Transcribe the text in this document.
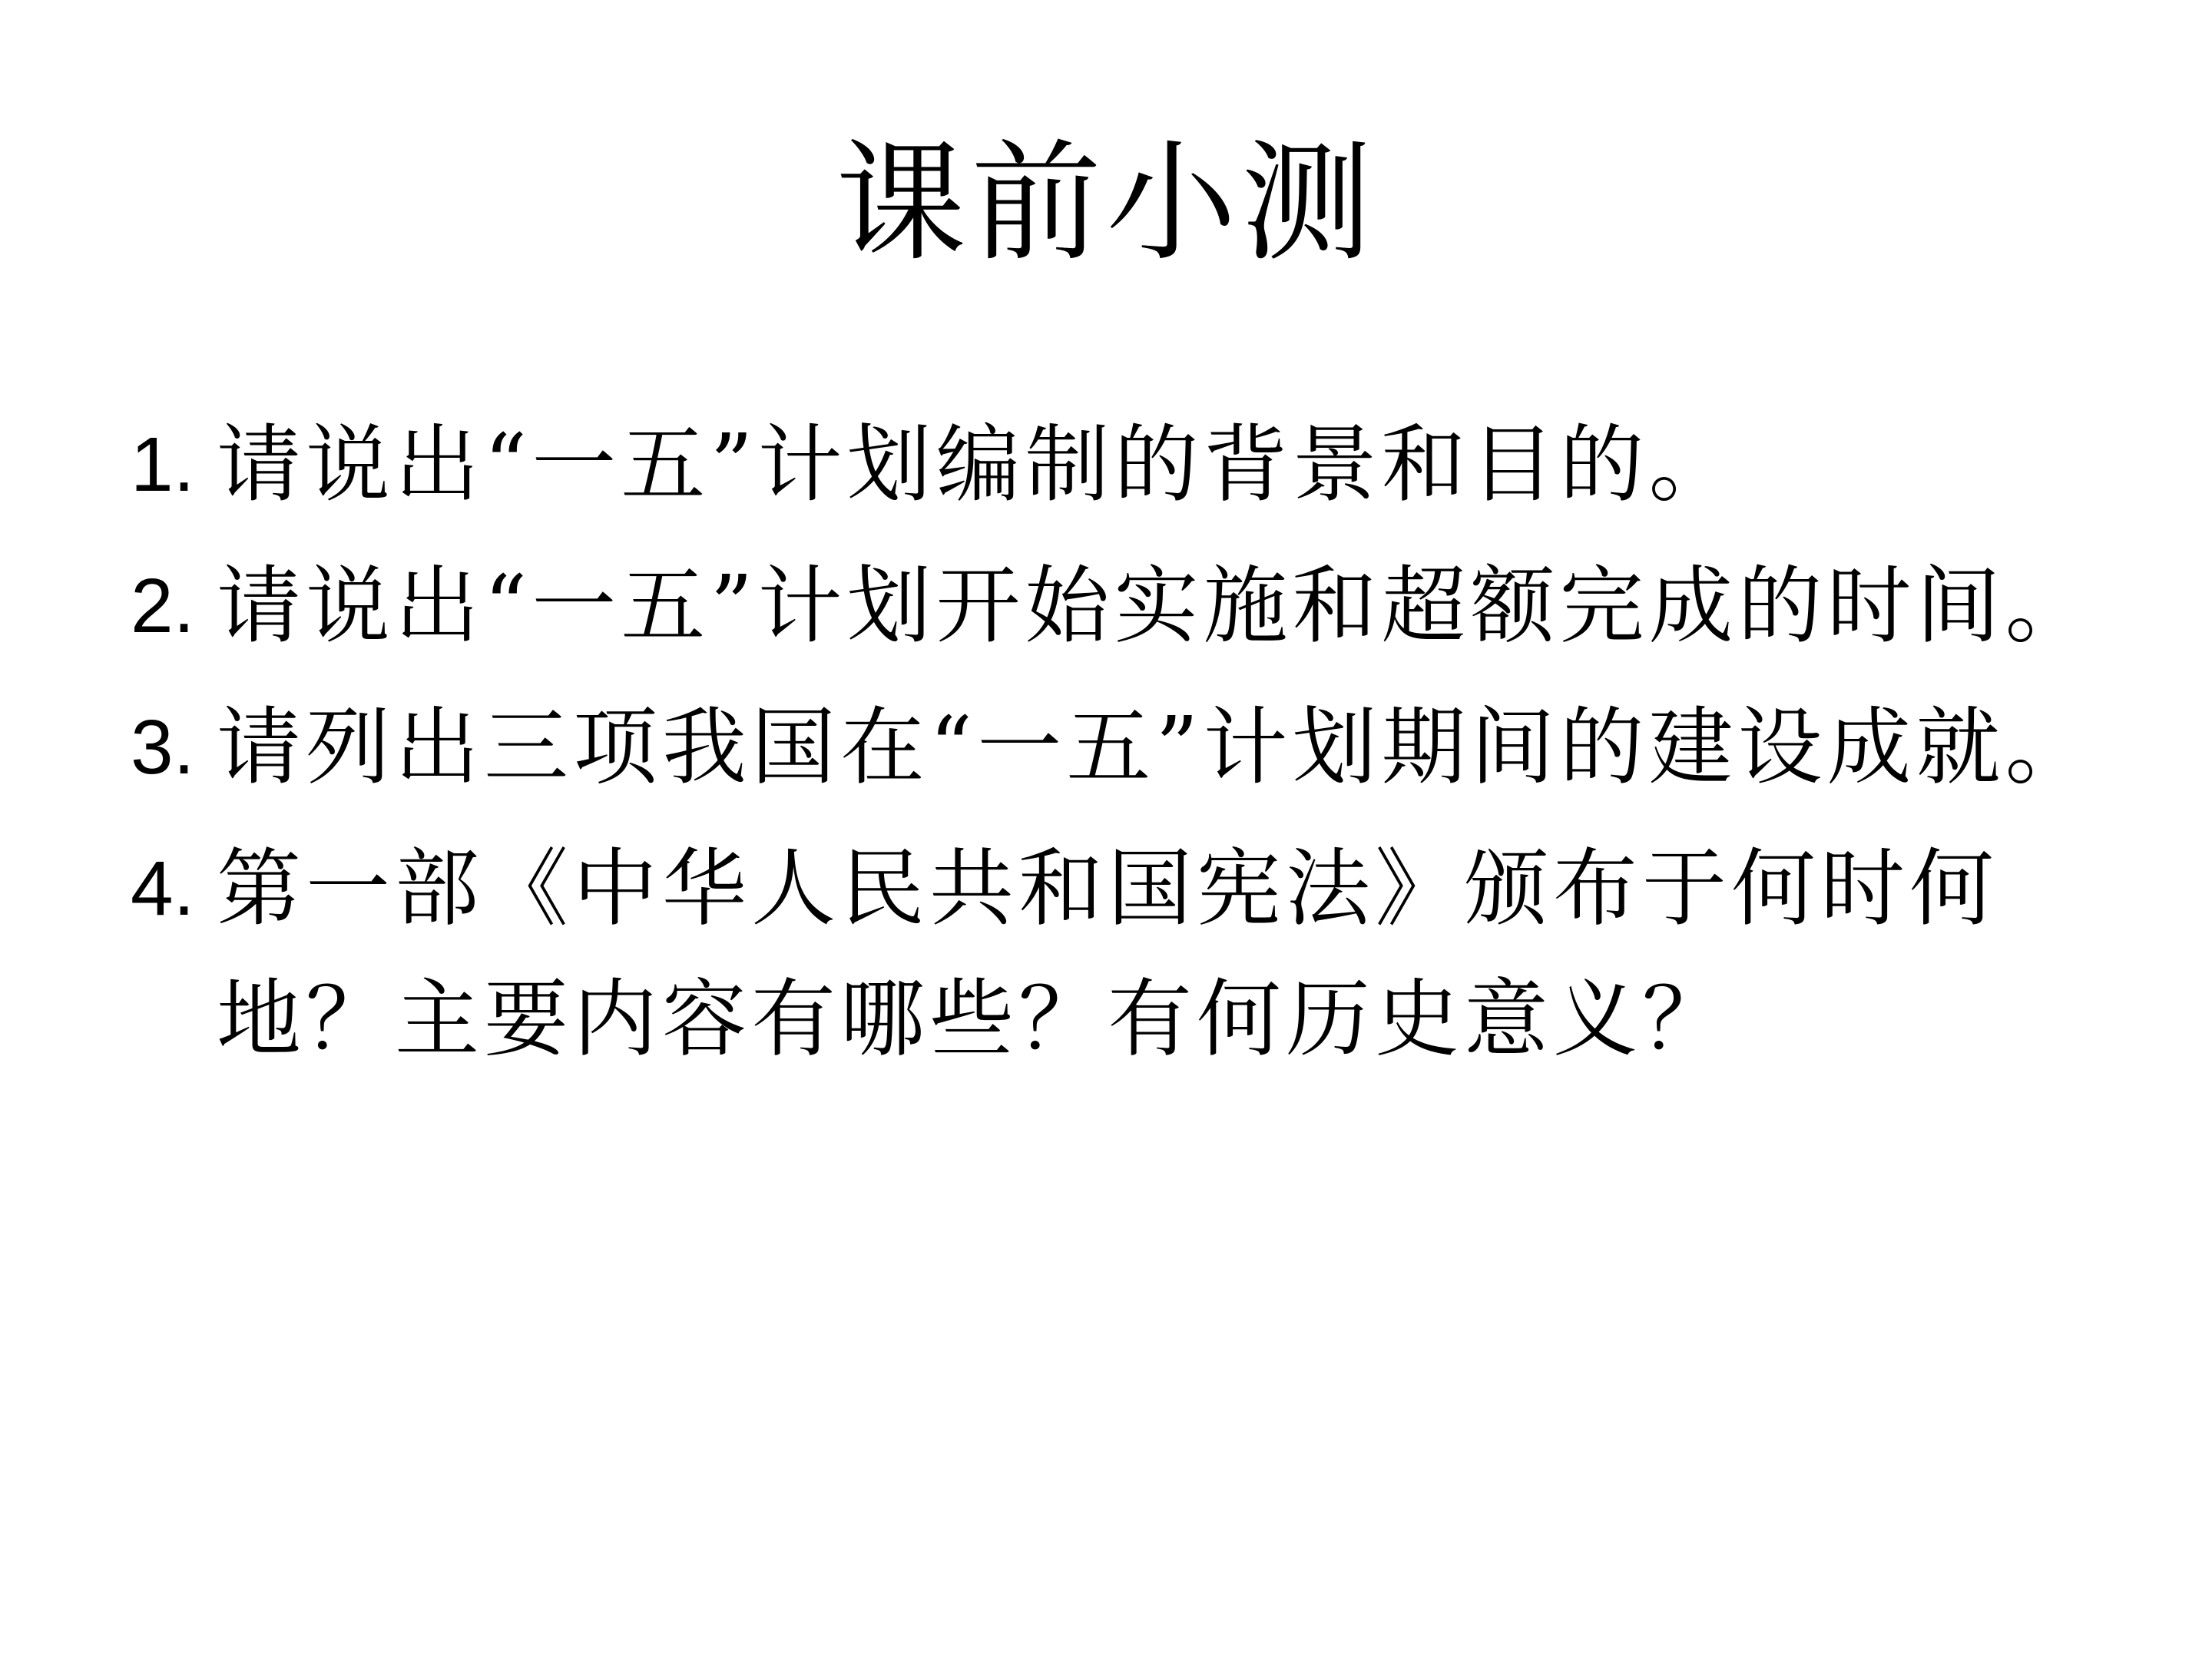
课前小测
1. 请说出“一五”计划编制的背景和目的。
2. 请说出“一五”计划开始实施和超额完成的时间。
3. 请列出三项我国在“一五”计划期间的建设成就。
4. 第一部《中华人民共和国宪法》颁布于何时何地？主要内容有哪些？有何历史意义？
